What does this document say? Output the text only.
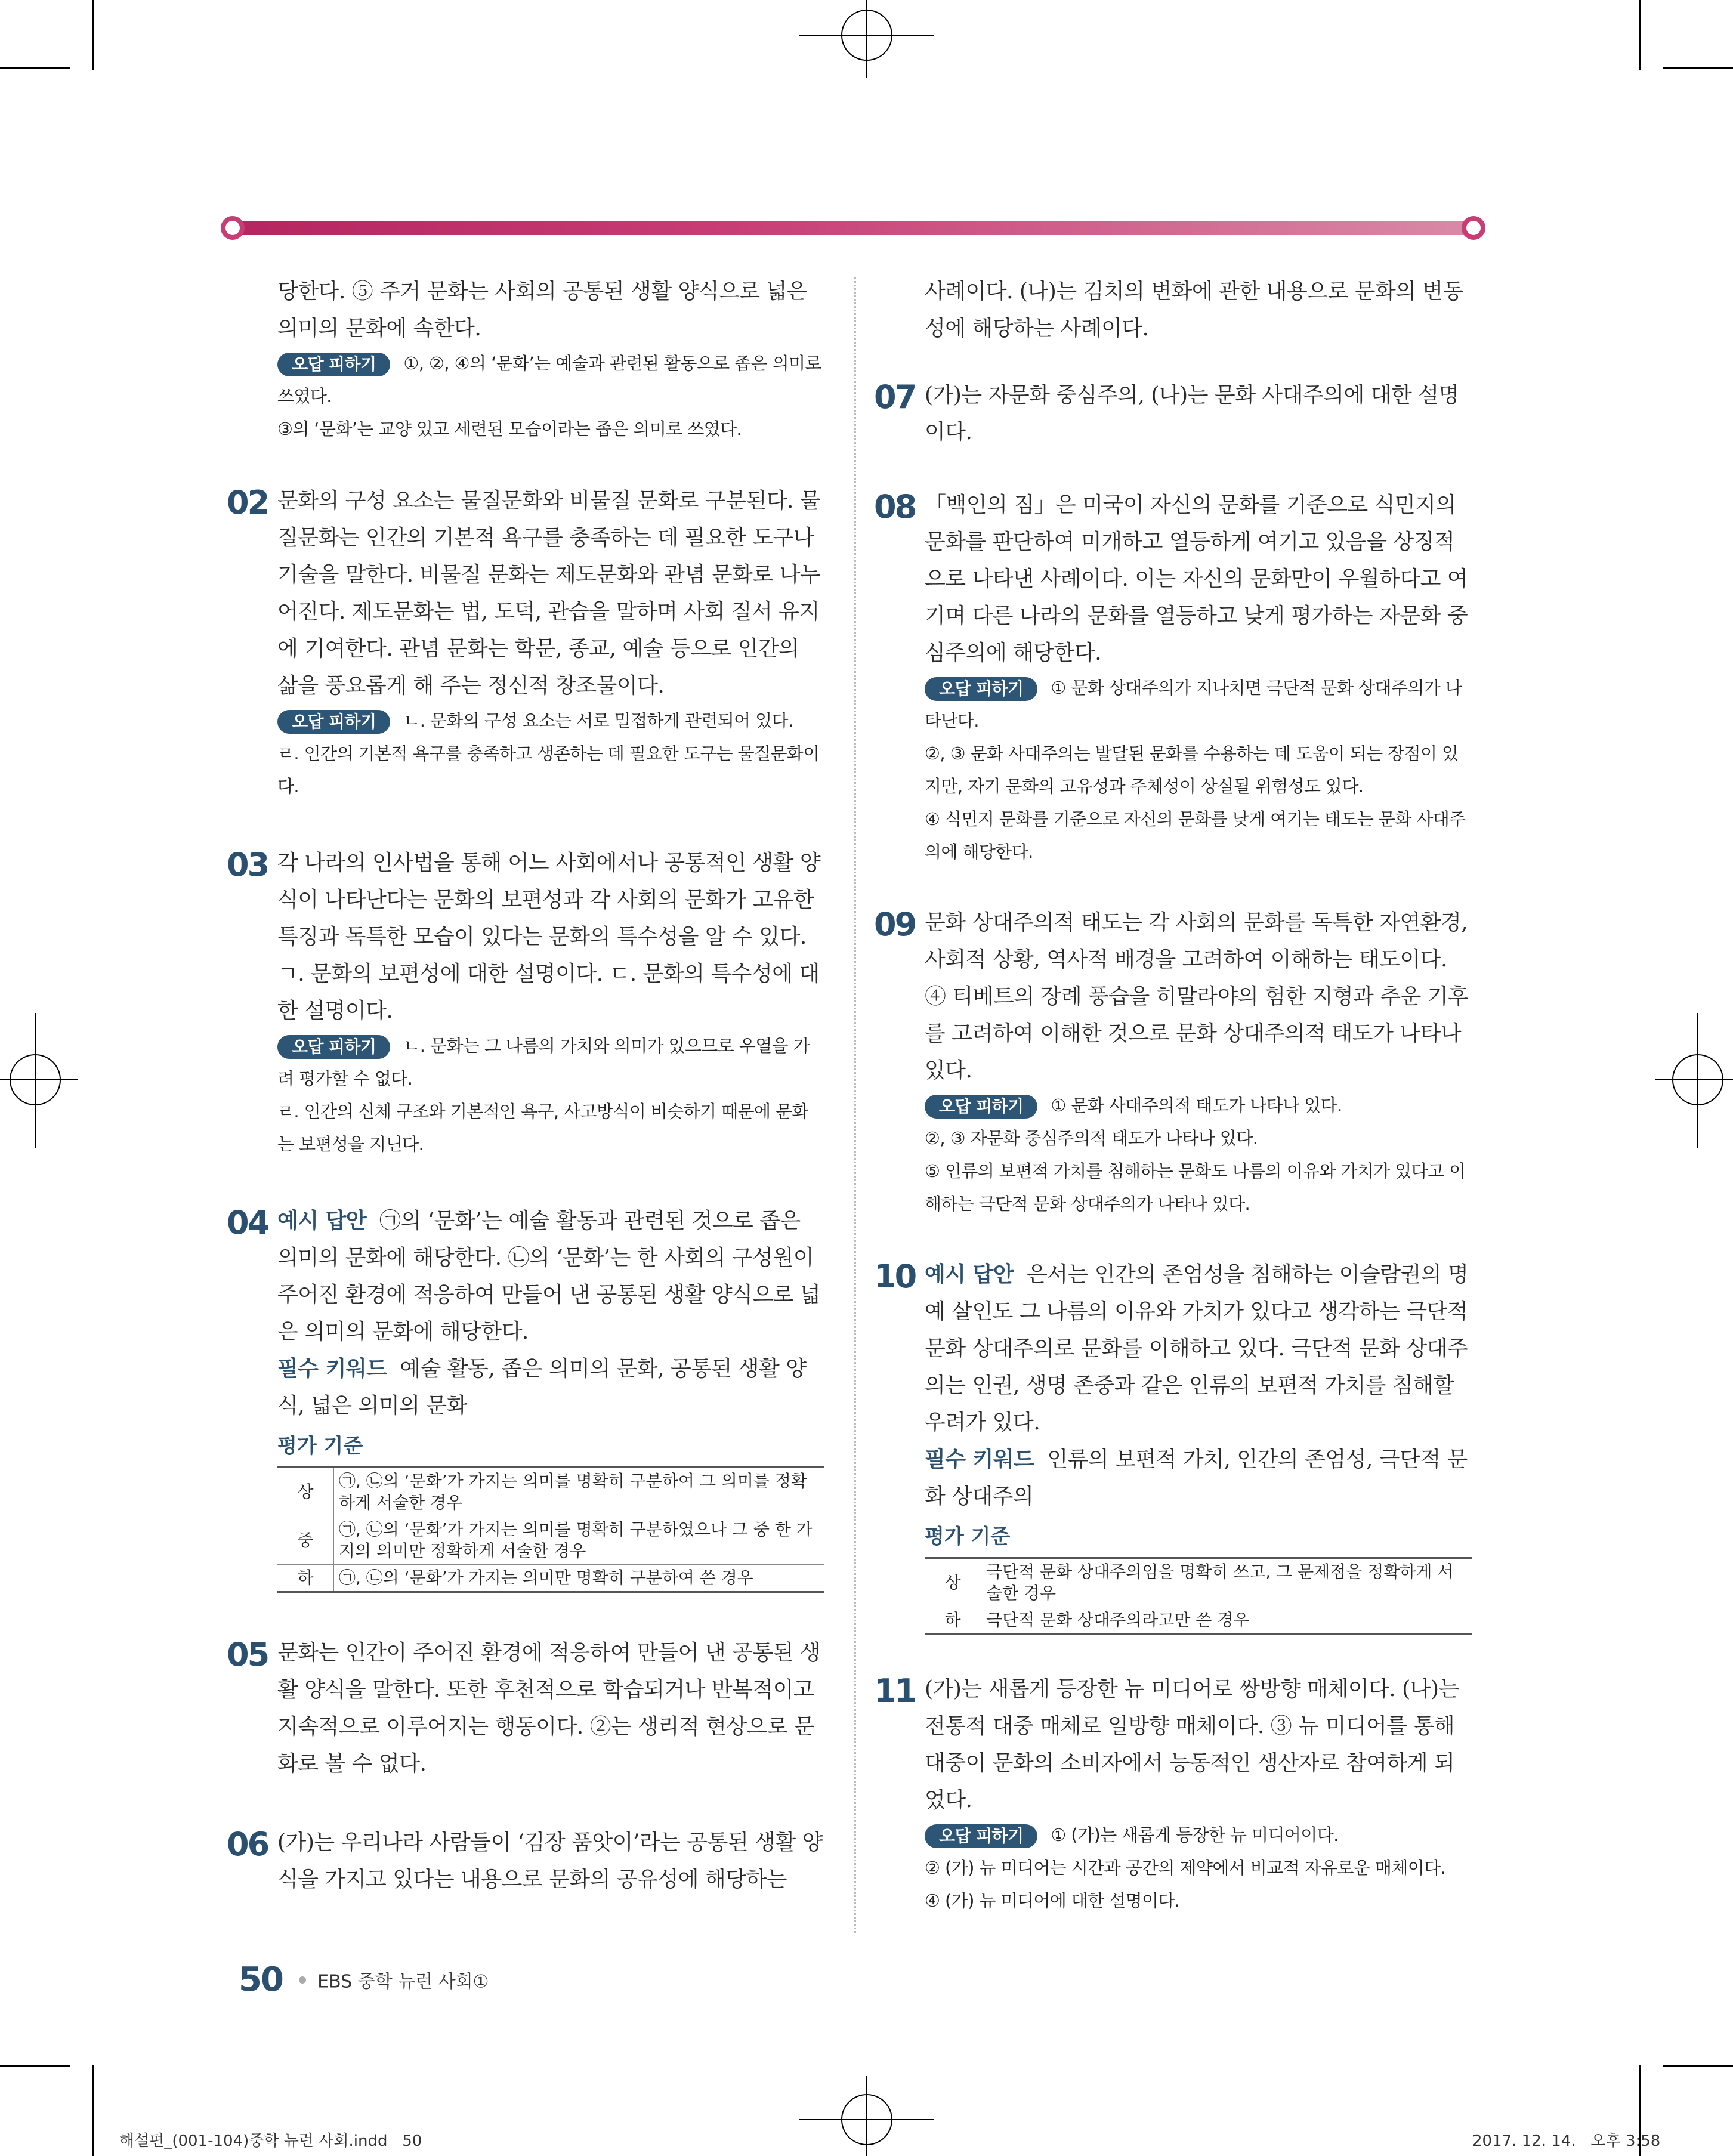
당한다. ⑤ 주거 문화는 사회의 공통된 생활 양식으로 넓은 의미의 문화에 속한다.

오답 피하기 ①, ②, ④의 ‘문화’는 예술과 관련된 활동으로 좁은 의미로 쓰였다.

③의 ‘문화’는 교양 있고 세련된 모습이라는 좁은 의미로 쓰였다.

02 문화의 구성 요소는 물질문화와 비물질 문화로 구분된다. 물질문화는 인간의 기본적 욕구를 충족하는 데 필요한 도구나 기술을 말한다. 비물질 문화는 제도문화와 관념 문화로 나누어진다. 제도문화는 법, 도덕, 관습을 말하며 사회 질서 유지에 기여한다. 관념 문화는 학문, 종교, 예술 등으로 인간의 삶을 풍요롭게 해 주는 정신적 창조물이다.

오답 피하기 ㄴ. 문화의 구성 요소는 서로 밀접하게 관련되어 있다.

ㄹ. 인간의 기본적 욕구를 충족하고 생존하는 데 필요한 도구는 물질문화이다.

03 각 나라의 인사법을 통해 어느 사회에서나 공통적인 생활 양식이 나타난다는 문화의 보편성과 각 사회의 문화가 고유한 특징과 독특한 모습이 있다는 문화의 특수성을 알 수 있다. ㄱ. 문화의 보편성에 대한 설명이다. ㄷ. 문화의 특수성에 대한 설명이다.

오답 피하기 ㄴ. 문화는 그 나름의 가치와 의미가 있으므로 우열을 가려 평가할 수 없다.

ㄹ. 인간의 신체 구조와 기본적인 욕구, 사고방식이 비슷하기 때문에 문화는 보편성을 지닌다.

04 예시 답안 ㉠의 ‘문화’는 예술 활동과 관련된 것으로 좁은 의미의 문화에 해당한다. ㉡의 ‘문화’는 한 사회의 구성원이 주어진 환경에 적응하여 만들어 낸 공통된 생활 양식으로 넓은 의미의 문화에 해당한다.

필수 키워드 예술 활동, 좁은 의미의 문화, 공통된 생활 양식, 넓은 의미의 문화

평가 기준
상	㉠, ㉡의 ‘문화’가 가지는 의미를 명확히 구분하여 그 의미를 정확하게 서술한 경우
중	㉠, ㉡의 ‘문화’가 가지는 의미를 명확히 구분하였으나 그 중 한 가지의 의미만 정확하게 서술한 경우
하	㉠, ㉡의 ‘문화’가 가지는 의미만 명확히 구분하여 쓴 경우
05 문화는 인간이 주어진 환경에 적응하여 만들어 낸 공통된 생활 양식을 말한다. 또한 후천적으로 학습되거나 반복적이고 지속적으로 이루어지는 행동이다. ②는 생리적 현상으로 문화로 볼 수 없다.

06 (가)는 우리나라 사람들이 ‘김장 품앗이’라는 공통된 생활 양식을 가지고 있다는 내용으로 문화의 공유성에 해당하는

사례이다. (나)는 김치의 변화에 관한 내용으로 문화의 변동성에 해당하는 사례이다.

07 (가)는 자문화 중심주의, (나)는 문화 사대주의에 대한 설명이다.

08 「백인의 짐」은 미국이 자신의 문화를 기준으로 식민지의 문화를 판단하여 미개하고 열등하게 여기고 있음을 상징적으로 나타낸 사례이다. 이는 자신의 문화만이 우월하다고 여기며 다른 나라의 문화를 열등하고 낮게 평가하는 자문화 중심주의에 해당한다.

오답 피하기 ① 문화 상대주의가 지나치면 극단적 문화 상대주의가 나타난다.

②, ③ 문화 사대주의는 발달된 문화를 수용하는 데 도움이 되는 장점이 있지만, 자기 문화의 고유성과 주체성이 상실될 위험성도 있다.

④ 식민지 문화를 기준으로 자신의 문화를 낮게 여기는 태도는 문화 사대주의에 해당한다.

09 문화 상대주의적 태도는 각 사회의 문화를 독특한 자연환경, 사회적 상황, 역사적 배경을 고려하여 이해하는 태도이다. ④ 티베트의 장례 풍습을 히말라야의 험한 지형과 추운 기후를 고려하여 이해한 것으로 문화 상대주의적 태도가 나타나 있다.

오답 피하기 ① 문화 사대주의적 태도가 나타나 있다.

②, ③ 자문화 중심주의적 태도가 나타나 있다.

⑤ 인류의 보편적 가치를 침해하는 문화도 나름의 이유와 가치가 있다고 이해하는 극단적 문화 상대주의가 나타나 있다.

10 예시 답안 은서는 인간의 존엄성을 침해하는 이슬람권의 명예 살인도 그 나름의 이유와 가치가 있다고 생각하는 극단적 문화 상대주의로 문화를 이해하고 있다. 극단적 문화 상대주의는 인권, 생명 존중과 같은 인류의 보편적 가치를 침해할 우려가 있다.

필수 키워드 인류의 보편적 가치, 인간의 존엄성, 극단적 문화 상대주의

평가 기준
상	극단적 문화 상대주의임을 명확히 쓰고, 그 문제점을 정확하게 서술한 경우
하	극단적 문화 상대주의라고만 쓴 경우
11 (가)는 새롭게 등장한 뉴 미디어로 쌍방향 매체이다. (나)는 전통적 대중 매체로 일방향 매체이다. ③ 뉴 미디어를 통해 대중이 문화의 소비자에서 능동적인 생산자로 참여하게 되었다.

오답 피하기 ① (가)는 새롭게 등장한 뉴 미디어이다.

② (가) 뉴 미디어는 시간과 공간의 제약에서 비교적 자유로운 매체이다.

④ (가) 뉴 미디어에 대한 설명이다.

50 EBS 중학 뉴런 사회①
해설편_(001-104)중학 뉴런 사회.indd   50	2017. 12. 14.   오후 3:58
